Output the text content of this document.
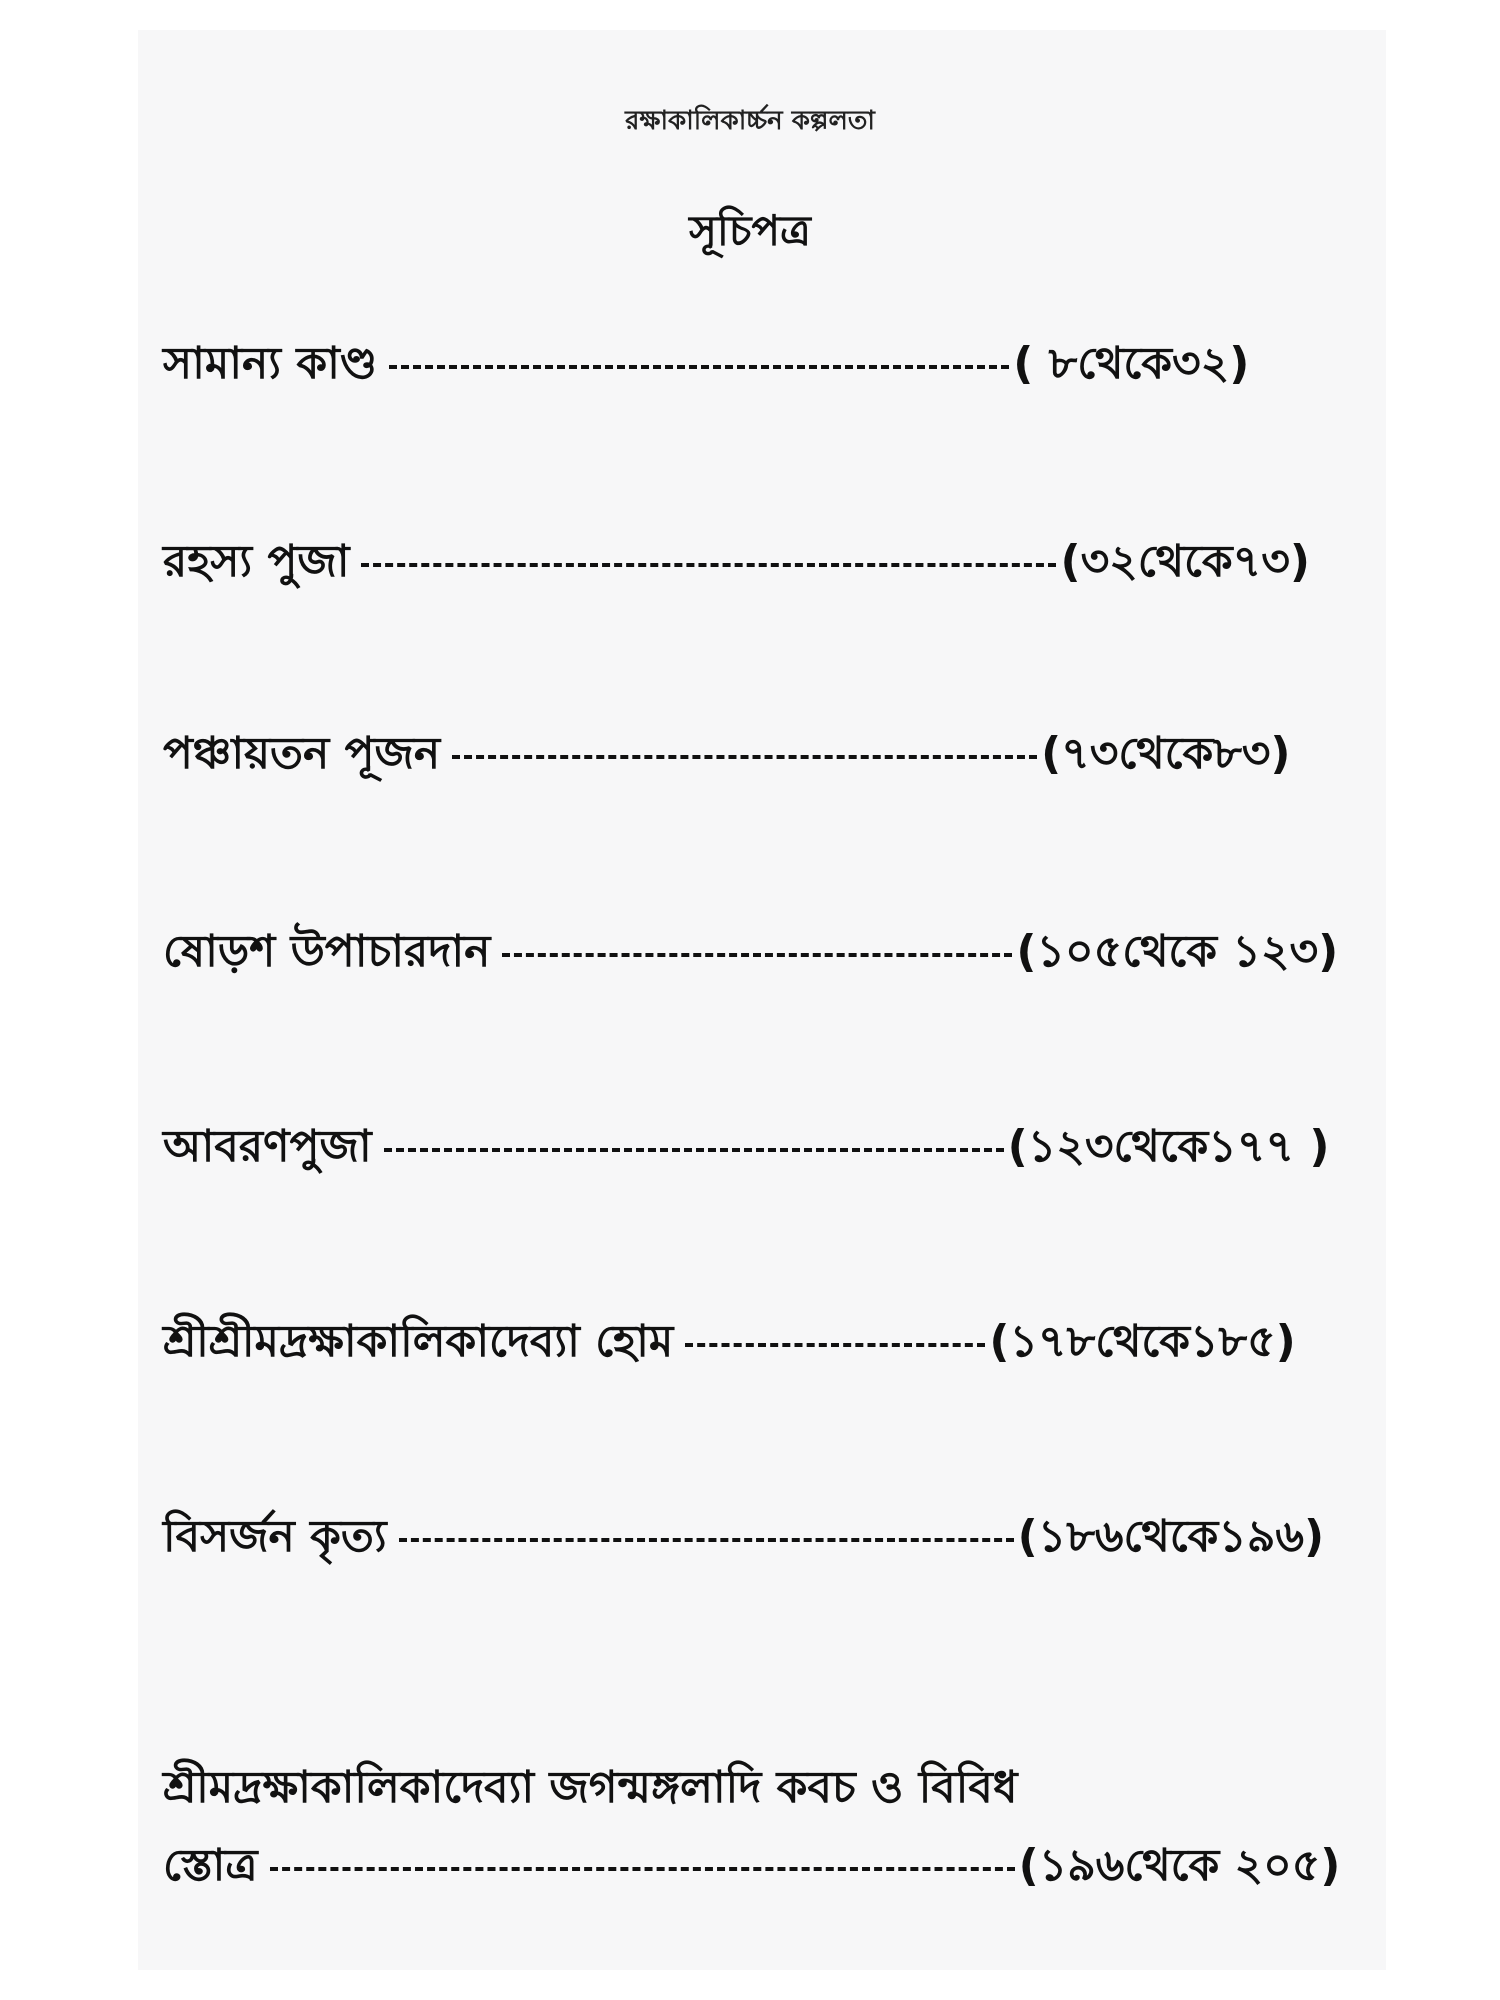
রক্ষাকালিকার্চ্চন কল্পলতা
সূচিপত্র
সামান্য কাণ্ড	( ৮থেকে৩২)
রহস্য পুজা	(৩২থেকে৭৩)
পঞ্চায়তন পূজন	(৭৩থেকে৮৩)
ষোড়শ উপাচারদান	(১০৫থেকে ১২৩)
আবরণপুজা	(১২৩থেকে১৭৭ )
শ্রীশ্রীমদ্রক্ষাকালিকাদেব্যা হোম	(১৭৮থেকে১৮৫)
বিসর্জন কৃত্য	(১৮৬থেকে১৯৬)
শ্রীমদ্রক্ষাকালিকাদেব্যা জগন্মঙ্গলাদি কবচ ও বিবিধ
স্তোত্র	(১৯৬থেকে ২০৫)
